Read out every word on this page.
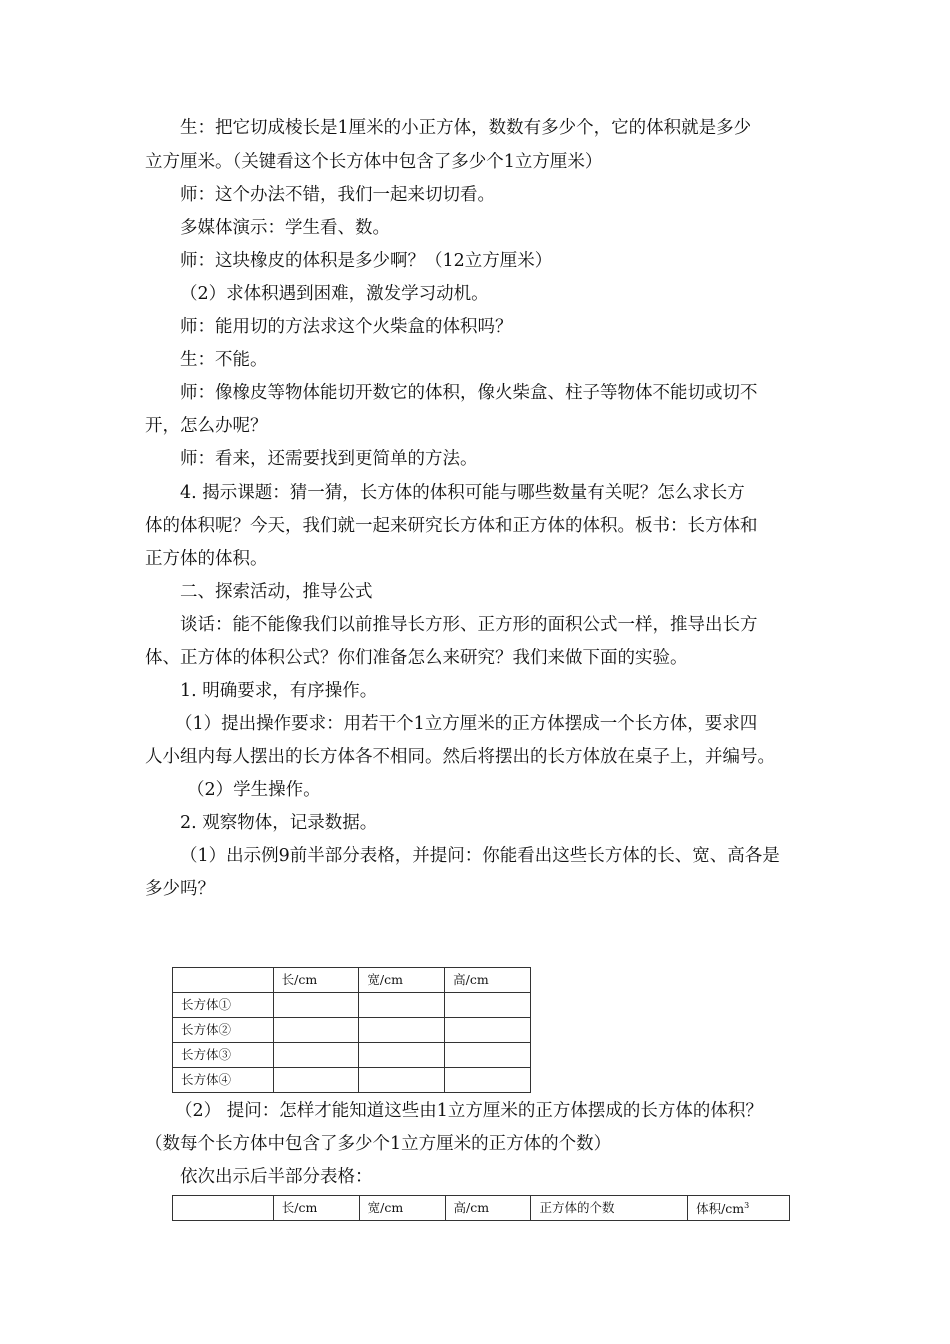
生：把它切成棱长是1厘米的小正方体，数数有多少个，它的体积就是多少

立方厘米。（关键看这个长方体中包含了多少个1立方厘米）

师：这个办法不错，我们一起来切切看。

多媒体演示：学生看、数。

师：这块橡皮的体积是多少啊？（12立方厘米）

（2）求体积遇到困难，激发学习动机。

师：能用切的方法求这个火柴盒的体积吗？

生：不能。

师：像橡皮等物体能切开数它的体积，像火柴盒、柱子等物体不能切或切不

开，怎么办呢？

师：看来，还需要找到更简单的方法。

4. 揭示课题：猜一猜，长方体的体积可能与哪些数量有关呢？怎么求长方

体的体积呢？今天，我们就一起来研究长方体和正方体的体积。板书：长方体和

正方体的体积。

二、探索活动，推导公式

谈话：能不能像我们以前推导长方形、正方形的面积公式一样，推导出长方

体、正方体的体积公式？你们准备怎么来研究？我们来做下面的实验。

1. 明确要求，有序操作。

（1）提出操作要求：用若干个1立方厘米的正方体摆成一个长方体，要求四

人小组内每人摆出的长方体各不相同。然后将摆出的长方体放在桌子上，并编号。

（2）学生操作。

2. 观察物体，记录数据。

（1）出示例9前半部分表格，并提问：你能看出这些长方体的长、宽、高各是

多少吗？

	长/cm	宽/cm	高/cm
长方体①			
长方体②			
长方体③			
长方体④			

（2） 提问：怎样才能知道这些由1立方厘米的正方体摆成的长方体的体积？

（数每个长方体中包含了多少个1立方厘米的正方体的个数）

依次出示后半部分表格：

	长/cm	宽/cm	高/cm	正方体的个数	体积$/cm^3$
